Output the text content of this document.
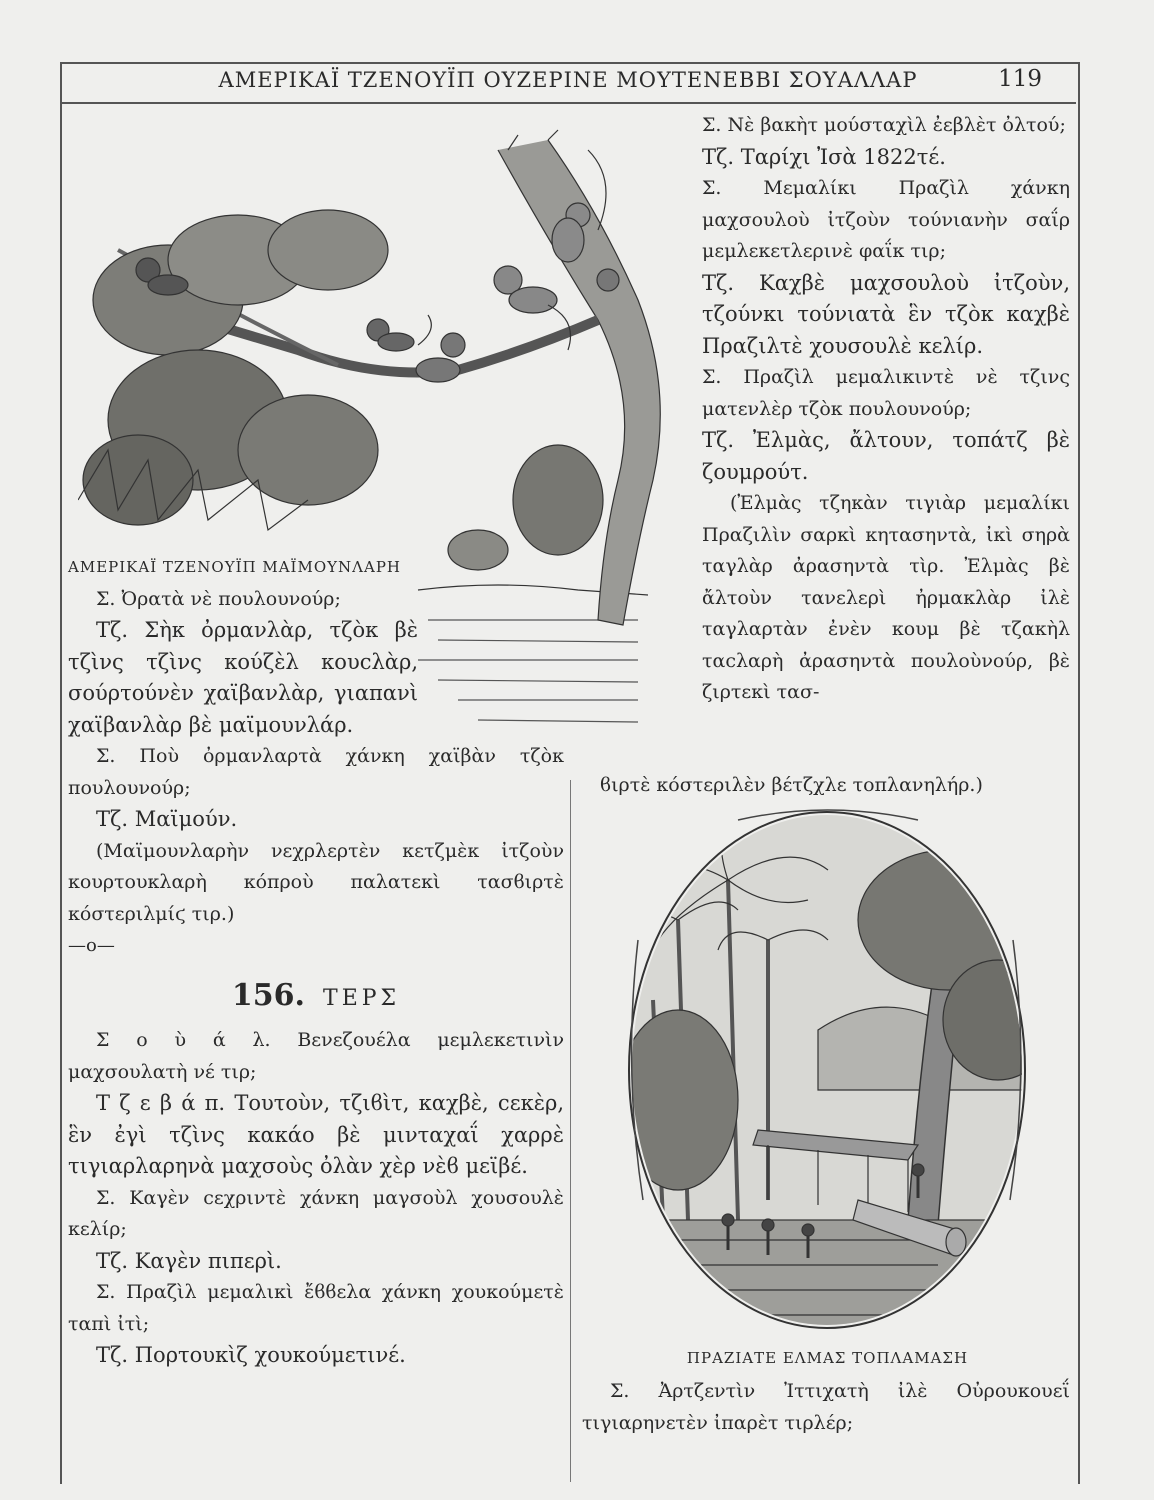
ΑΜΕΡΙΚΑΪ ΤΖΕΝΟΥΪΠ ΟΥΖΕΡΙΝΕ ΜΟΥΤΕΝΕΒΒΙ ΣΟΥΑΛΛΑΡ	119

Σ. Νὲ βακὴτ μούσταχὶλ ἐεβλὲτ ὀλτού;

Τζ. Ταρίχι Ἰσὰ 1822τέ.

Σ. Μεμαλίκι Πραζὶλ χάνκη μαχσουλοὺ ἰτζοὺν τούνιανὴν σαΐρ μεμλεκετλερινὲ φαΐκ τιρ;

Τζ. Καχβὲ μαχσουλοὺ ἰτζοὺν, τζούνκι τούνιατὰ ἓν τζὸκ καχβὲ Πραζιλτὲ χουσουλὲ κελίρ.

Σ. Πραζὶλ μεμαλικιντὲ νὲ τζινς ματενλὲρ τζὸκ πουλουνούρ;

Τζ. Ἐλμὰς, ἄλτουν, τοπάτζ βὲ ζουμρούτ.

(Ἐλμὰς τζηκὰν τιγιὰρ μεμαλίκι Πραζιλὶν σαρκὶ κητασηντὰ, ἰκὶ σηρὰ ταγλὰρ ἀρασηντὰ τὶρ. Ἐλμὰς βὲ ἄλτοὺν τανελερὶ ἠρμακλὰρ ἰλὲ ταγλαρτὰν ἐνὲν κουμ βὲ τζακὴλ ταϲλαρὴ ἀρασηντὰ πουλοὺνούρ, βὲ ζιρτεκὶ τασ-

ϐιρτὲ κόστεριλὲν βέτζχλε τοπλανηλήρ.)

ΑΜΕΡΙΚΑΪ ΤΖΕΝΟΥΪΠ ΜΑΪΜΟΥΝΛΑΡΗ

Σ. Ὀρατὰ νὲ πουλουνούρ;

Τζ. Σὴκ ὀρμανλὰρ, τζὸκ βὲ τζὶνς τζὶνς κούζὲλ κουϲλὰρ, σούρτούνὲν χαϊβανλὰρ, γιαπανὶ χαϊβανλὰρ βὲ μαϊμουνλάρ.

Σ. Ποὺ ὀρμανλαρτὰ χάνκη χαϊβὰν τζὸκ πουλουνούρ;

Τζ. Μαϊμούν.

(Μαϊμουνλαρὴν νεχρλερτὲν κετζμὲκ ἰτζοὺν κουρτουκλαρὴ κόπροὺ παλατεκὶ τασϐιρτὲ κόστεριλμίϛ τιρ.)

—ο—

156. ΤΕΡΣ

Σ ο ὺ ά λ. Βενεζουέλα μεμλεκετινὶν μαχσουλατὴ νέ τιρ;

Τ ζ ε β ά π. Τουτοὺν, τζιϐὶτ, καχβὲ, ϲεκὲρ, ἓν ἐγὶ τζὶνς κακάο βὲ μινταχαΐ χαρρὲ τιγιαρλαρηνὰ μαχσοὺς ὀλὰν χὲρ νὲϐ μεϊβέ.

Σ. Καγὲν ϲεχριντὲ χάνκη μαγσοὺλ χουσουλὲ κελίρ;

Τζ. Καγὲν πιπερὶ.

Σ. Πραζὶλ μεμαλικὶ ἔϐϐελα χάνκη χουκούμετὲ ταπὶ ἰτὶ;

Τζ. Πορτουκὶζ χουκούμετινέ.	ΠΡΑΖΙΑΤΕ ΕΛΜΑΣ ΤΟΠΛΑΜΑΣΗ

Σ. Ἀρτζεντὶν Ἰττιχατὴ ἰλὲ Οὐρουκουεΐ τιγιαρηνετὲν ἰπαρὲτ τιρλέρ;
